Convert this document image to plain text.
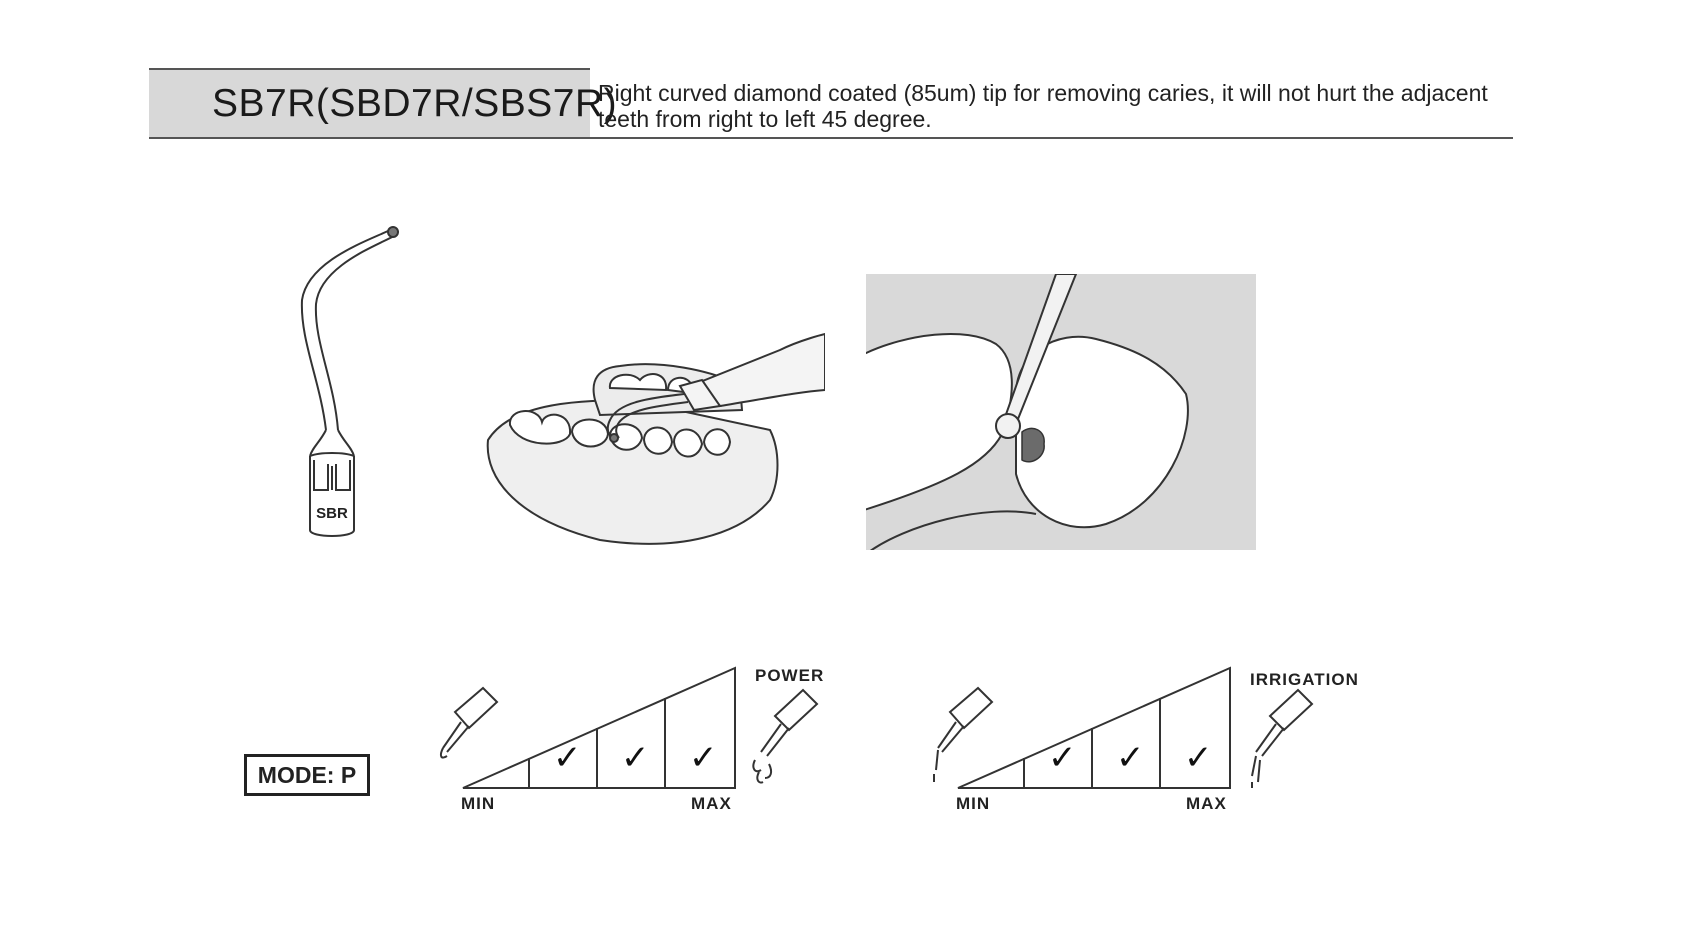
SB7R(SBD7R/SBS7R)
Right curved diamond coated (85um) tip for removing caries, it will not hurt the adjacent teeth from right to left 45 degree.
SBR
MODE: P	✓ ✓ ✓
POWER
MIN	MAX
✓ ✓ ✓
IRRIGATION
MIN	MAX
